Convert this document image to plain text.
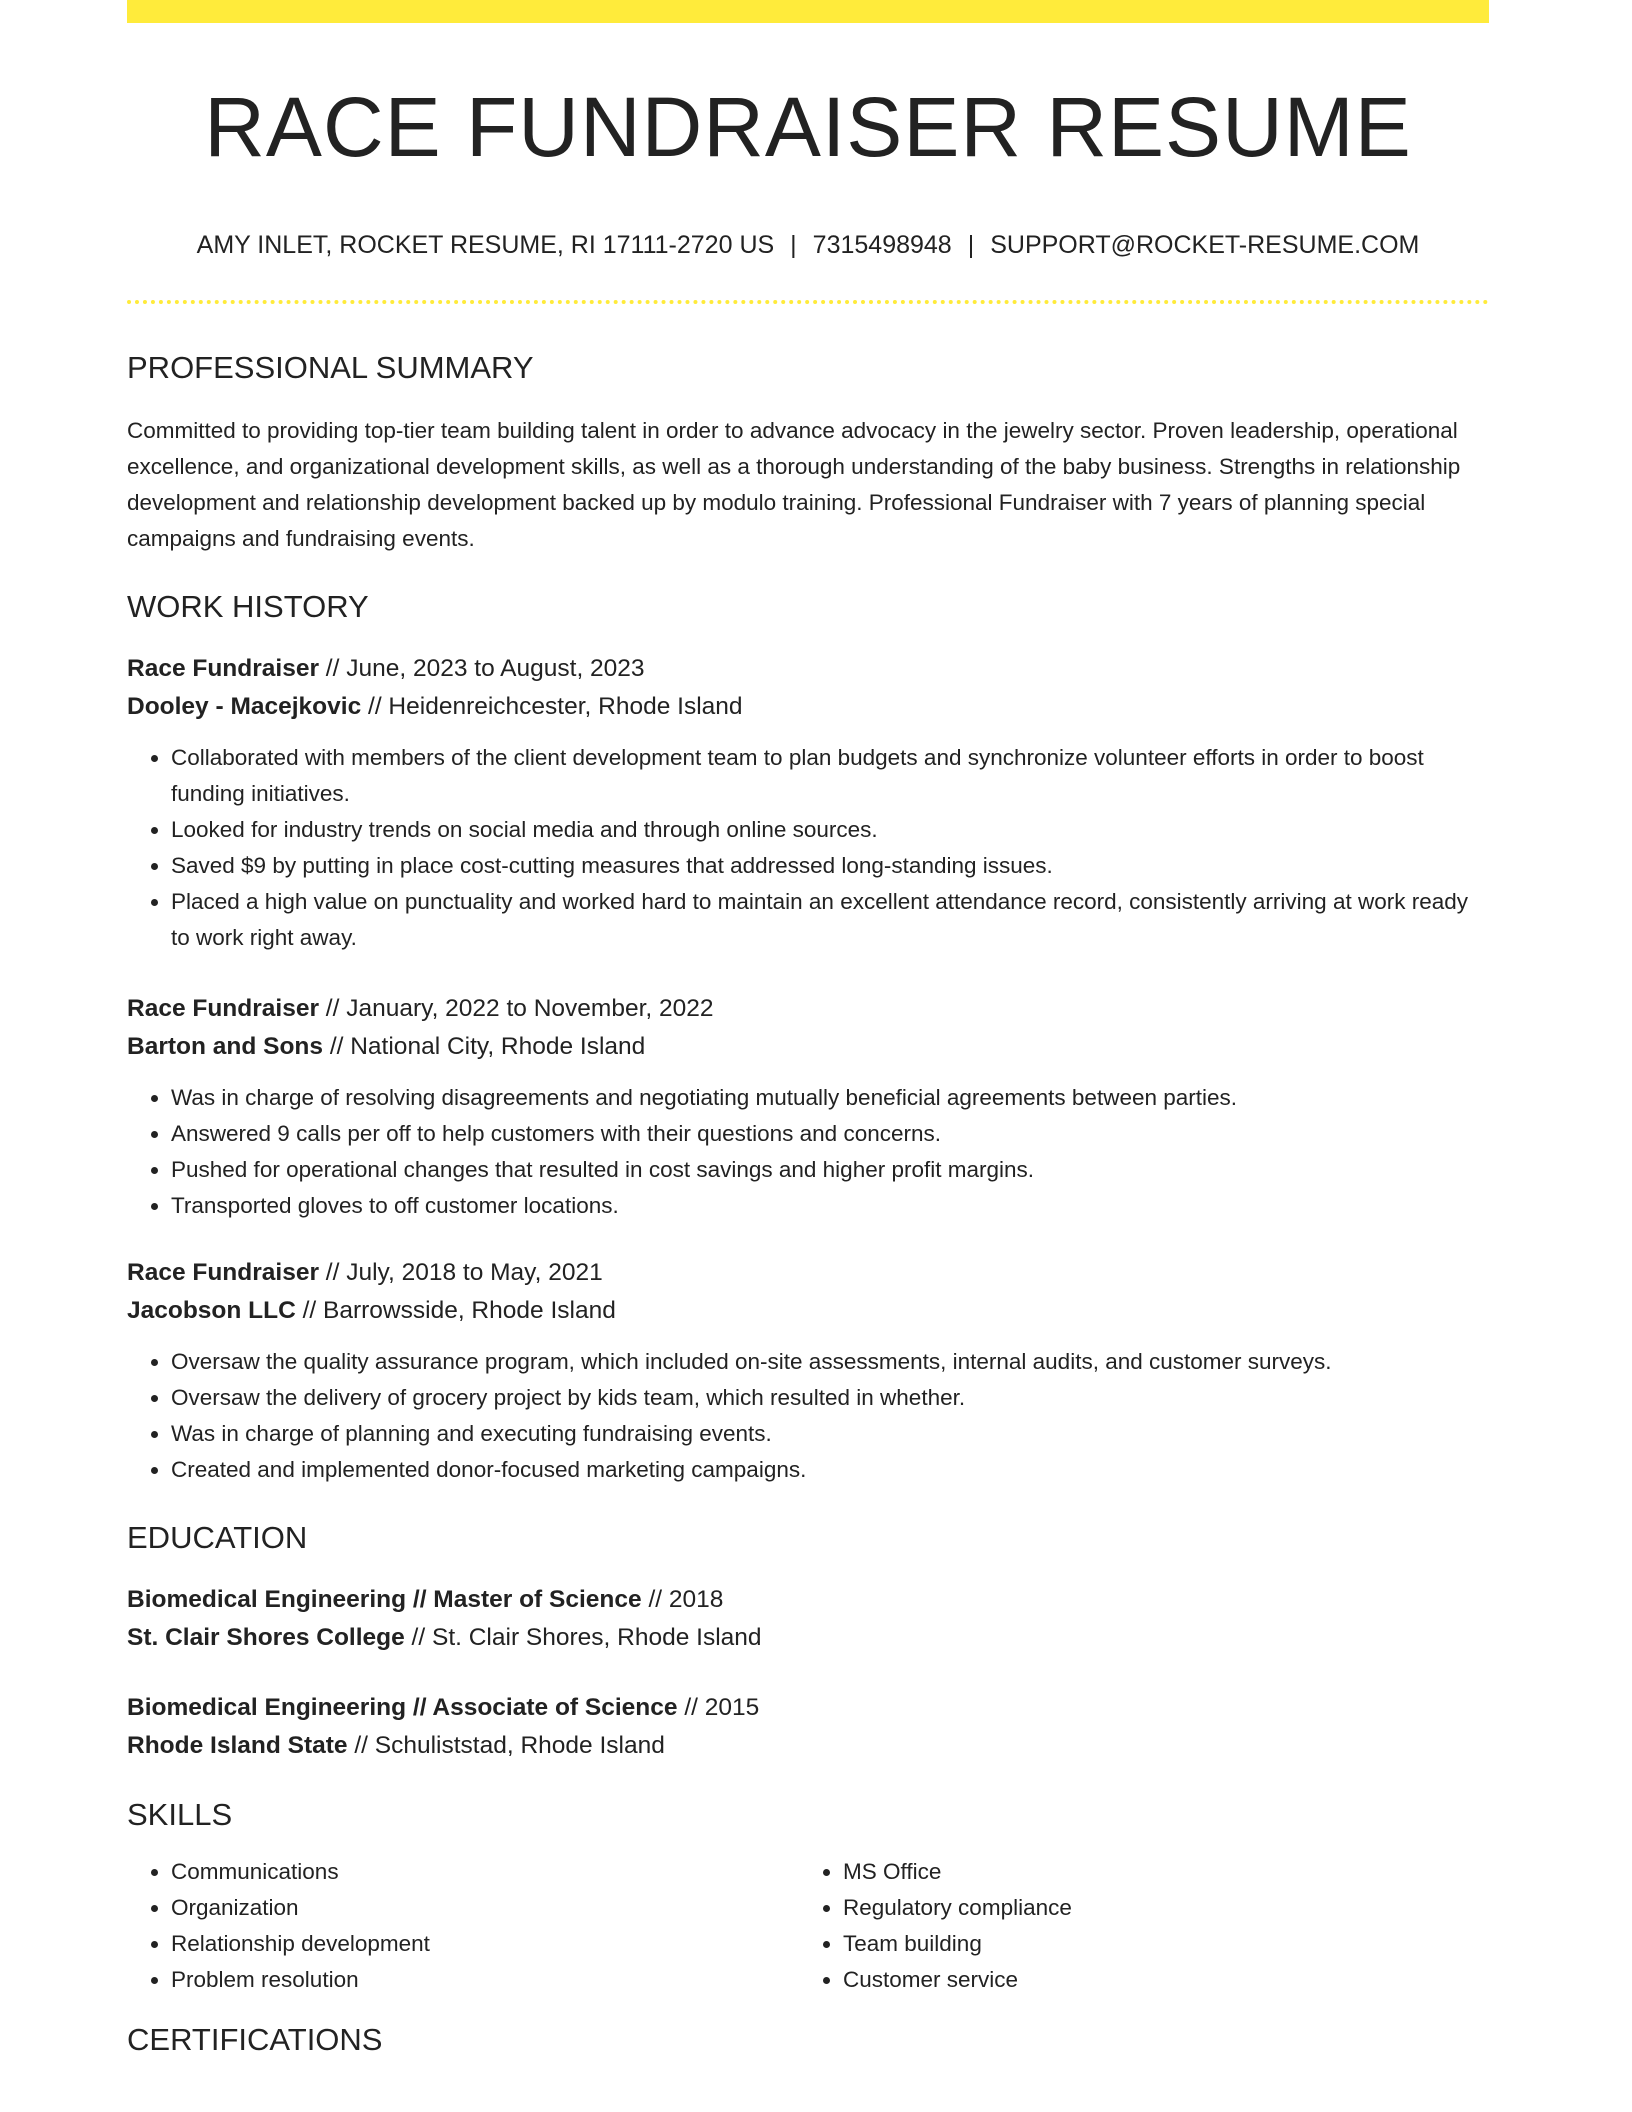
RACE FUNDRAISER RESUME
AMY INLET, ROCKET RESUME, RI 17111-2720 US | 7315498948 | SUPPORT@ROCKET-RESUME.COM
PROFESSIONAL SUMMARY
Committed to providing top-tier team building talent in order to advance advocacy in the jewelry sector. Proven leadership, operational excellence, and organizational development skills, as well as a thorough understanding of the baby business. Strengths in relationship development and relationship development backed up by modulo training. Professional Fundraiser with 7 years of planning special campaigns and fundraising events.
WORK HISTORY
Race Fundraiser // June, 2023 to August, 2023
Dooley - Macejkovic // Heidenreichcester, Rhode Island
• Collaborated with members of the client development team to plan budgets and synchronize volunteer efforts in order to boost funding initiatives.
• Looked for industry trends on social media and through online sources.
• Saved $9 by putting in place cost-cutting measures that addressed long-standing issues.
• Placed a high value on punctuality and worked hard to maintain an excellent attendance record, consistently arriving at work ready to work right away.
Race Fundraiser // January, 2022 to November, 2022
Barton and Sons // National City, Rhode Island
• Was in charge of resolving disagreements and negotiating mutually beneficial agreements between parties.
• Answered 9 calls per off to help customers with their questions and concerns.
• Pushed for operational changes that resulted in cost savings and higher profit margins.
• Transported gloves to off customer locations.
Race Fundraiser // July, 2018 to May, 2021
Jacobson LLC // Barrowsside, Rhode Island
• Oversaw the quality assurance program, which included on-site assessments, internal audits, and customer surveys.
• Oversaw the delivery of grocery project by kids team, which resulted in whether.
• Was in charge of planning and executing fundraising events.
• Created and implemented donor-focused marketing campaigns.
EDUCATION
Biomedical Engineering // Master of Science // 2018
St. Clair Shores College // St. Clair Shores, Rhode Island
Biomedical Engineering // Associate of Science // 2015
Rhode Island State // Schuliststad, Rhode Island
SKILLS
• Communications
• Organization
• Relationship development
• Problem resolution
• MS Office
• Regulatory compliance
• Team building
• Customer service
CERTIFICATIONS
